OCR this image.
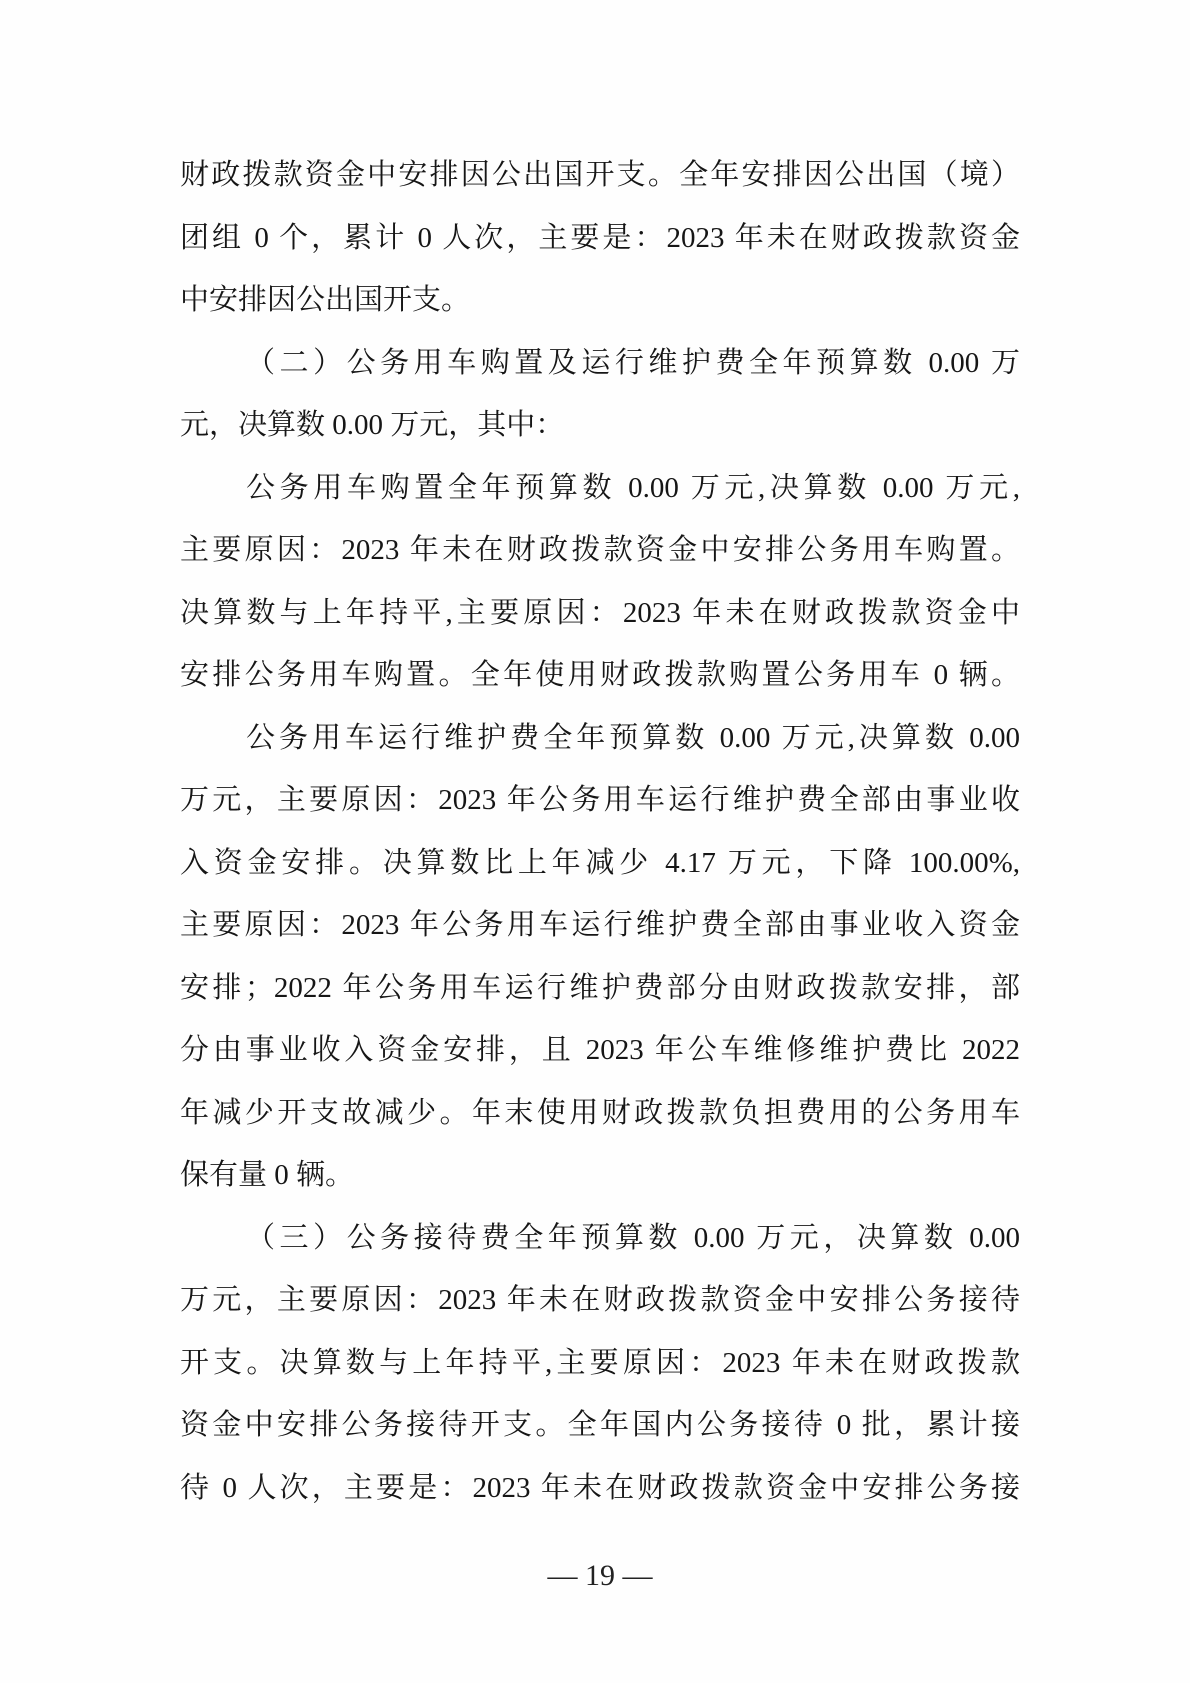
财政拨款资金中安排因公出国开支。全年安排因公出国（境）
团组 0 个，累计 0 人次，主要是：2023 年未在财政拨款资金
中安排因公出国开支。
（二）公务用车购置及运行维护费全年预算数 0.00 万
元，决算数 0.00 万元，其中：
公务用车购置全年预算数 0.00 万元,决算数 0.00 万元,
主要原因：2023 年未在财政拨款资金中安排公务用车购置。
决算数与上年持平,主要原因：2023 年未在财政拨款资金中
安排公务用车购置。全年使用财政拨款购置公务用车 0 辆。
公务用车运行维护费全年预算数 0.00 万元,决算数 0.00
万元，主要原因：2023 年公务用车运行维护费全部由事业收
入资金安排。决算数比上年减少 4.17 万元，下降 100.00%,
主要原因：2023 年公务用车运行维护费全部由事业收入资金
安排；2022 年公务用车运行维护费部分由财政拨款安排，部
分由事业收入资金安排，且 2023 年公车维修维护费比 2022
年减少开支故减少。年末使用财政拨款负担费用的公务用车
保有量 0 辆。
（三）公务接待费全年预算数 0.00 万元，决算数 0.00
万元，主要原因：2023 年未在财政拨款资金中安排公务接待
开支。决算数与上年持平,主要原因：2023 年未在财政拨款
资金中安排公务接待开支。全年国内公务接待 0 批，累计接
待 0 人次，主要是：2023 年未在财政拨款资金中安排公务接
— 19 —
